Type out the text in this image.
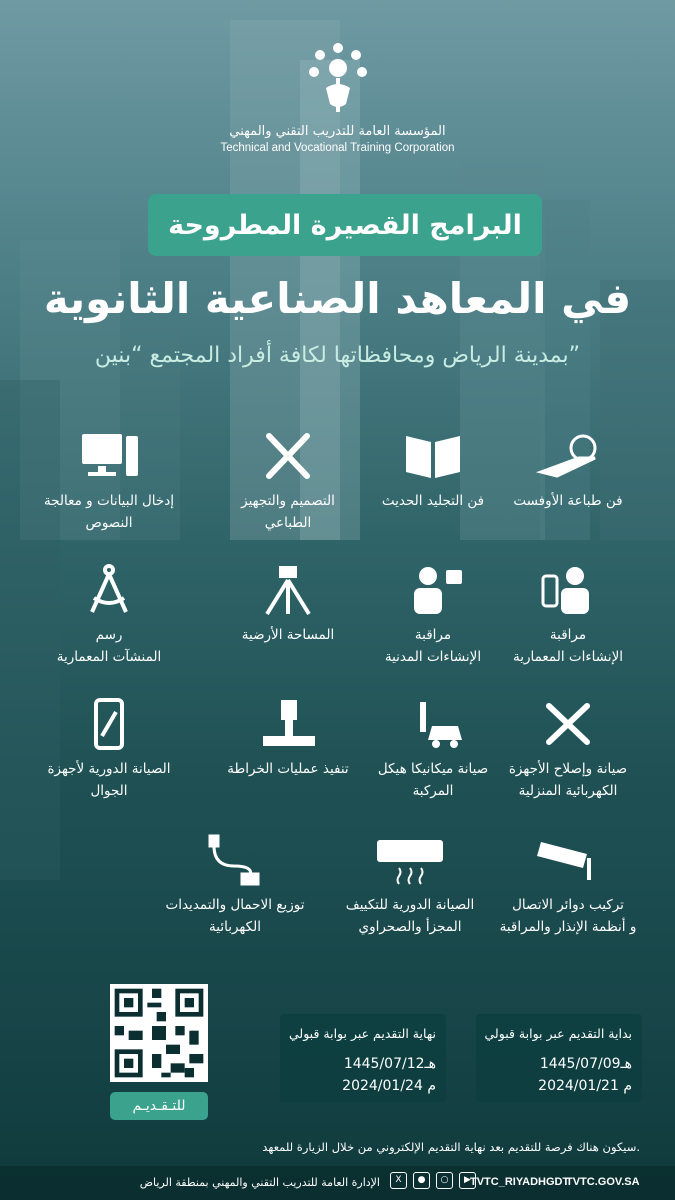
المؤسسة العامة للتدريب التقني والمهني
Technical and Vocational Training Corporation
البرامج القصيرة المطروحة
في المعاهد الصناعية الثانوية
بمدينة الرياض ومحافظاتها لكافة أفراد المجتمع “بنين”
فن طباعة الأوفست

فن التجليد الحديث

التصميم والتجهيز
الطباعي
إدخال البيانات و معالجة
النصوص
مراقبة
الإنشاءات المعمارية
مراقبة
الإنشاءات المدنية
المساحة الأرضية

رسم
المنشآت المعمارية
صيانة وإصلاح الأجهزة
الكهربائية المنزلية
صيانة ميكانيكا هيكل
المركبة
تنفيذ عمليات الخراطة

الصيانة الدورية لأجهزة
الجوال
تركيب دوائر الاتصال
و أنظمة الإنذار والمراقبة
الصيانة الدورية للتكييف
المجزأ والصحراوي
توزيع الاحمال والتمديدات
الكهربائية
للتـقـديـم
بداية التقديم عبر بوابة قبولي
1445/07/09هـ
2024/01/21 م
نهاية التقديم عبر بوابة قبولي
1445/07/12هـ
2024/01/24 م
سيكون هناك فرصة للتقديم بعد نهاية التقديم الإلكتروني من خلال الزيارة للمعهد.
TVTC.GOV.SA
TVTC_RIYADHGDT
X	●	○	▶
الإدارة العامة للتدريب التقني والمهني بمنطقة الرياض
